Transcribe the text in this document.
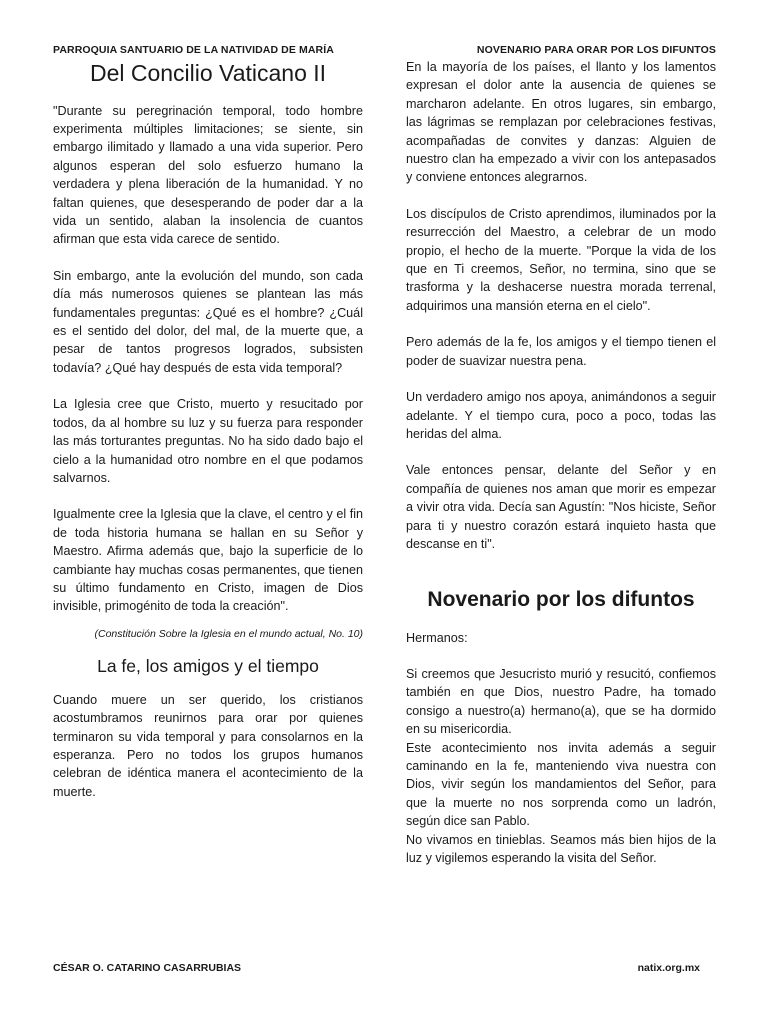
PARROQUIA SANTUARIO DE LA NATIVIDAD DE MARÍA
Del Concilio Vaticano II

"Durante su peregrinación temporal, todo hombre experimenta múltiples limitaciones; se siente, sin embargo ilimitado y llamado a una vida superior. Pero algunos esperan del solo esfuerzo humano la verdadera y plena liberación de la humanidad. Y no faltan quienes, que desesperando de poder dar a la vida un sentido, alaban la insolencia de cuantos afirman que esta vida carece de sentido.

Sin embargo, ante la evolución del mundo, son cada día más numerosos quienes se plantean las más fundamentales preguntas: ¿Qué es el hombre? ¿Cuál es el sentido del dolor, del mal, de la muerte que, a pesar de tantos progresos logrados, subsisten todavía? ¿Qué hay después de esta vida temporal?

La Iglesia cree que Cristo, muerto y resucitado por todos, da al hombre su luz y su fuerza para responder las más torturantes preguntas. No ha sido dado bajo el cielo a la humanidad otro nombre en el que podamos salvarnos.

Igualmente cree la Iglesia que la clave, el centro y el fin de toda historia humana se hallan en su Señor y Maestro. Afirma además que, bajo la superficie de lo cambiante hay muchas cosas permanentes, que tienen su último fundamento en Cristo, imagen de Dios invisible, primogénito de toda la creación".

(Constitución Sobre la Iglesia en el mundo actual, No. 10)
La fe, los amigos y el tiempo

Cuando muere un ser querido, los cristianos acostumbramos reunirnos para orar por quienes terminaron su vida temporal y para consolarnos en la esperanza. Pero no todos los grupos humanos celebran de idéntica manera el acontecimiento de la muerte.

NOVENARIO PARA ORAR POR LOS DIFUNTOS

En la mayoría de los países, el llanto y los lamentos expresan el dolor ante la ausencia de quienes se marcharon adelante. En otros lugares, sin embargo, las lágrimas se remplazan por celebraciones festivas, acompañadas de convites y danzas: Alguien de nuestro clan ha empezado a vivir con los antepasados y conviene entonces alegrarnos.

Los discípulos de Cristo aprendimos, iluminados por la resurrección del Maestro, a celebrar de un modo propio, el hecho de la muerte. "Porque la vida de los que en Ti creemos, Señor, no termina, sino que se trasforma y la deshacerse nuestra morada terrenal, adquirimos una mansión eterna en el cielo".

Pero además de la fe, los amigos y el tiempo tienen el poder de suavizar nuestra pena.

Un verdadero amigo nos apoya, animándonos a seguir adelante. Y el tiempo cura, poco a poco, todas las heridas del alma.

Vale entonces pensar, delante del Señor y en compañía de quienes nos aman que morir es empezar a vivir otra vida. Decía san Agustín: "Nos hiciste, Señor para ti y nuestro corazón estará inquieto hasta que descanse en ti".

Novenario por los difuntos

Hermanos:

Si creemos que Jesucristo murió y resucitó, confiemos también en que Dios, nuestro Padre, ha tomado consigo a nuestro(a) hermano(a), que se ha dormido en su misericordia.

Este acontecimiento nos invita además a seguir caminando en la fe, manteniendo viva nuestra con Dios, vivir según los mandamientos del Señor, para que la muerte no nos sorprenda como un ladrón, según dice san Pablo.

No vivamos en tinieblas. Seamos más bien hijos de la luz y vigilemos esperando la visita del Señor.

CÉSAR O. CATARINO CASARRUBIAS	natix.org.mx
